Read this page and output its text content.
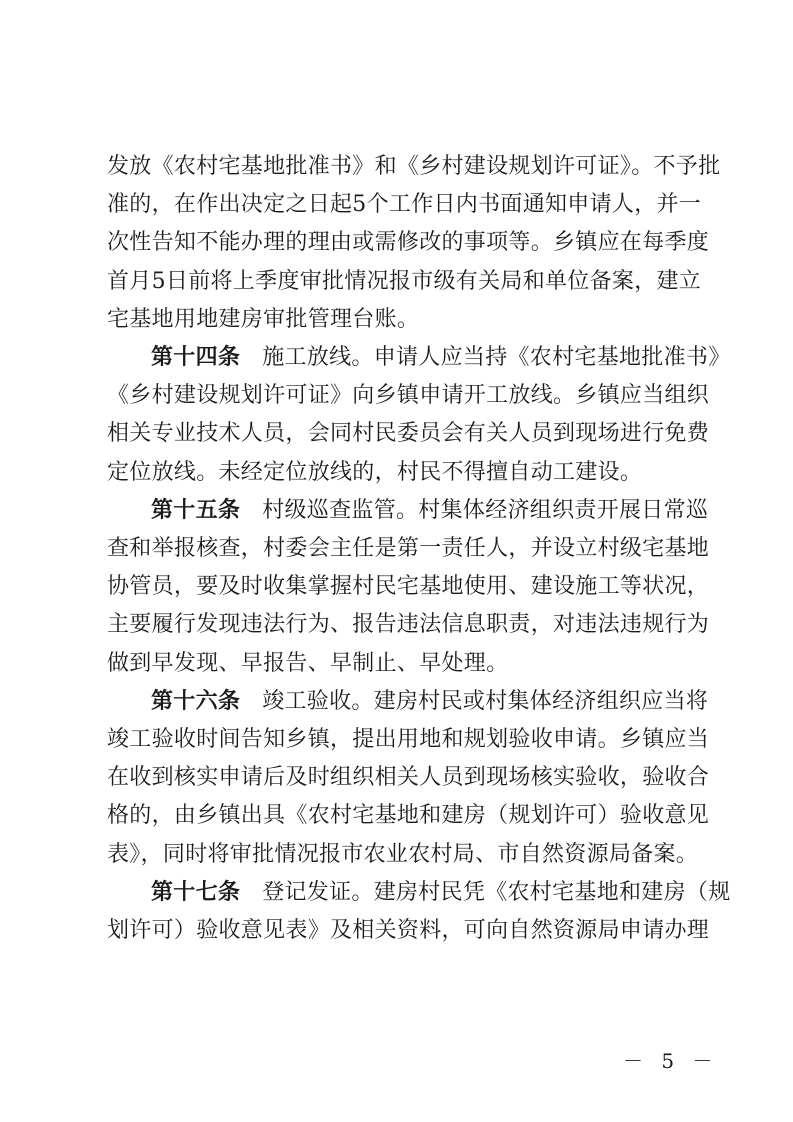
发放《农村宅基地批准书》和《乡村建设规划许可证》。不予批
准的，在作出决定之日起5个工作日内书面通知申请人，并一
次性告知不能办理的理由或需修改的事项等。乡镇应在每季度
首月5日前将上季度审批情况报市级有关局和单位备案，建立
宅基地用地建房审批管理台账。
第十四条 施工放线。申请人应当持《农村宅基地批准书》
《乡村建设规划许可证》向乡镇申请开工放线。乡镇应当组织
相关专业技术人员，会同村民委员会有关人员到现场进行免费
定位放线。未经定位放线的，村民不得擅自动工建设。
第十五条 村级巡查监管。村集体经济组织责开展日常巡
查和举报核查，村委会主任是第一责任人，并设立村级宅基地
协管员，要及时收集掌握村民宅基地使用、建设施工等状况，
主要履行发现违法行为、报告违法信息职责，对违法违规行为
做到早发现、早报告、早制止、早处理。
第十六条 竣工验收。建房村民或村集体经济组织应当将
竣工验收时间告知乡镇，提出用地和规划验收申请。乡镇应当
在收到核实申请后及时组织相关人员到现场核实验收，验收合
格的，由乡镇出具《农村宅基地和建房（规划许可）验收意见
表》，同时将审批情况报市农业农村局、市自然资源局备案。
第十七条 登记发证。建房村民凭《农村宅基地和建房（规
划许可）验收意见表》及相关资料，可向自然资源局申请办理
－ 5 －
